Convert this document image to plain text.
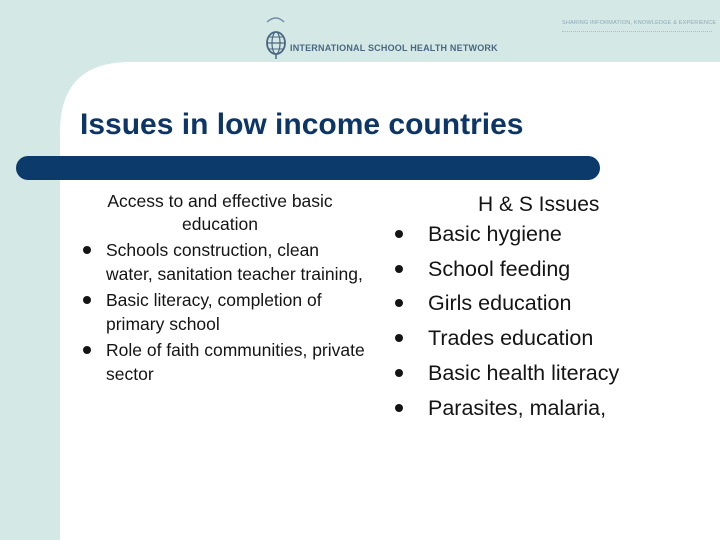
INTERNATIONAL SCHOOL HEALTH NETWORK
SHARING INFORMATION, KNOWLEDGE & EXPERIENCE
Issues in low income countries
Access to and effective basic education
Schools construction, clean water, sanitation teacher training,
Basic literacy, completion of primary school
Role of faith communities, private sector
H & S Issues
Basic hygiene
School feeding
Girls education
Trades education
Basic health literacy
Parasites, malaria,
